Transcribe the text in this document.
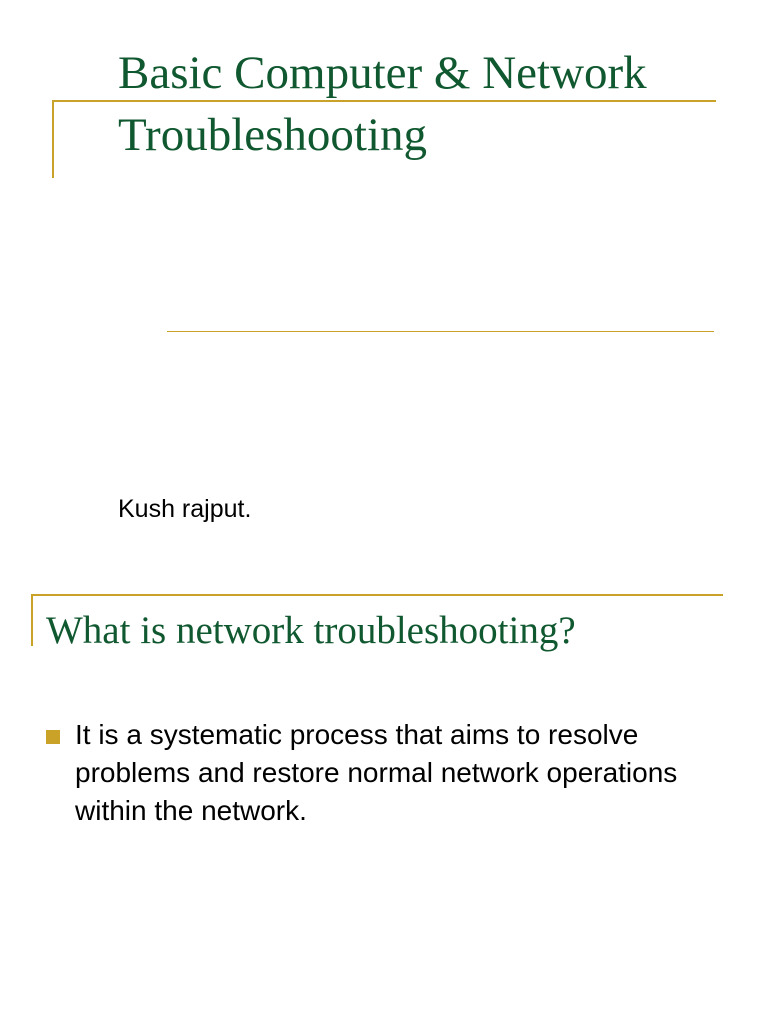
Basic Computer & Network Troubleshooting

Kush rajput.

What is network troubleshooting?
It is a systematic process that aims to resolve problems and restore normal network operations within the network.
